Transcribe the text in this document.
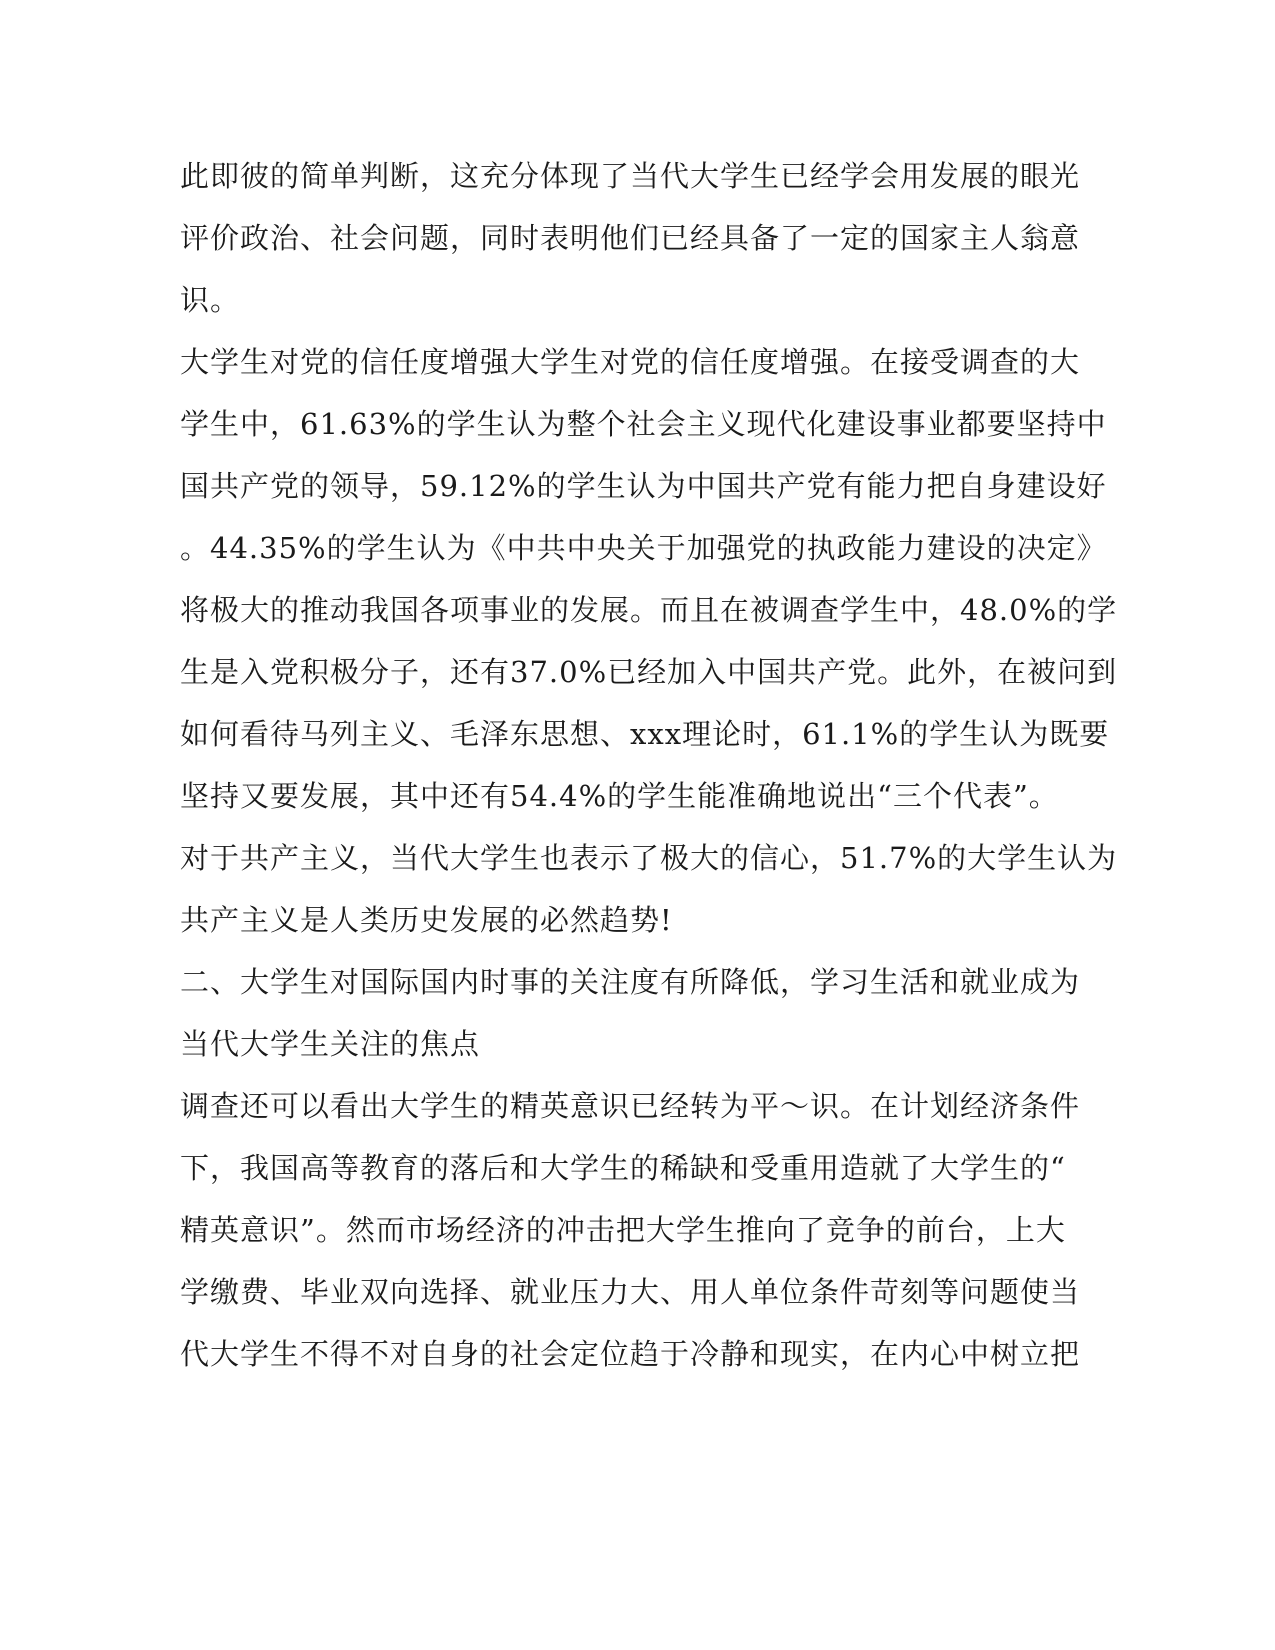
此即彼的简单判断，这充分体现了当代大学生已经学会用发展的眼光
评价政治、社会问题，同时表明他们已经具备了一定的国家主人翁意
识。
大学生对党的信任度增强大学生对党的信任度增强。在接受调查的大
学生中，61.63%的学生认为整个社会主义现代化建设事业都要坚持中
国共产党的领导，59.12%的学生认为中国共产党有能力把自身建设好
。44.35%的学生认为《中共中央关于加强党的执政能力建设的决定》
将极大的推动我国各项事业的发展。而且在被调查学生中，48.0%的学
生是入党积极分子，还有37.0%已经加入中国共产党。此外，在被问到
如何看待马列主义、毛泽东思想、xxx理论时，61.1%的学生认为既要
坚持又要发展，其中还有54.4%的学生能准确地说出“三个代表”。
对于共产主义，当代大学生也表示了极大的信心，51.7%的大学生认为
共产主义是人类历史发展的必然趋势!
二、大学生对国际国内时事的关注度有所降低，学习生活和就业成为
当代大学生关注的焦点
调查还可以看出大学生的精英意识已经转为平～识。在计划经济条件
下，我国高等教育的落后和大学生的稀缺和受重用造就了大学生的“
精英意识”。然而市场经济的冲击把大学生推向了竞争的前台，上大
学缴费、毕业双向选择、就业压力大、用人单位条件苛刻等问题使当
代大学生不得不对自身的社会定位趋于冷静和现实，在内心中树立把
